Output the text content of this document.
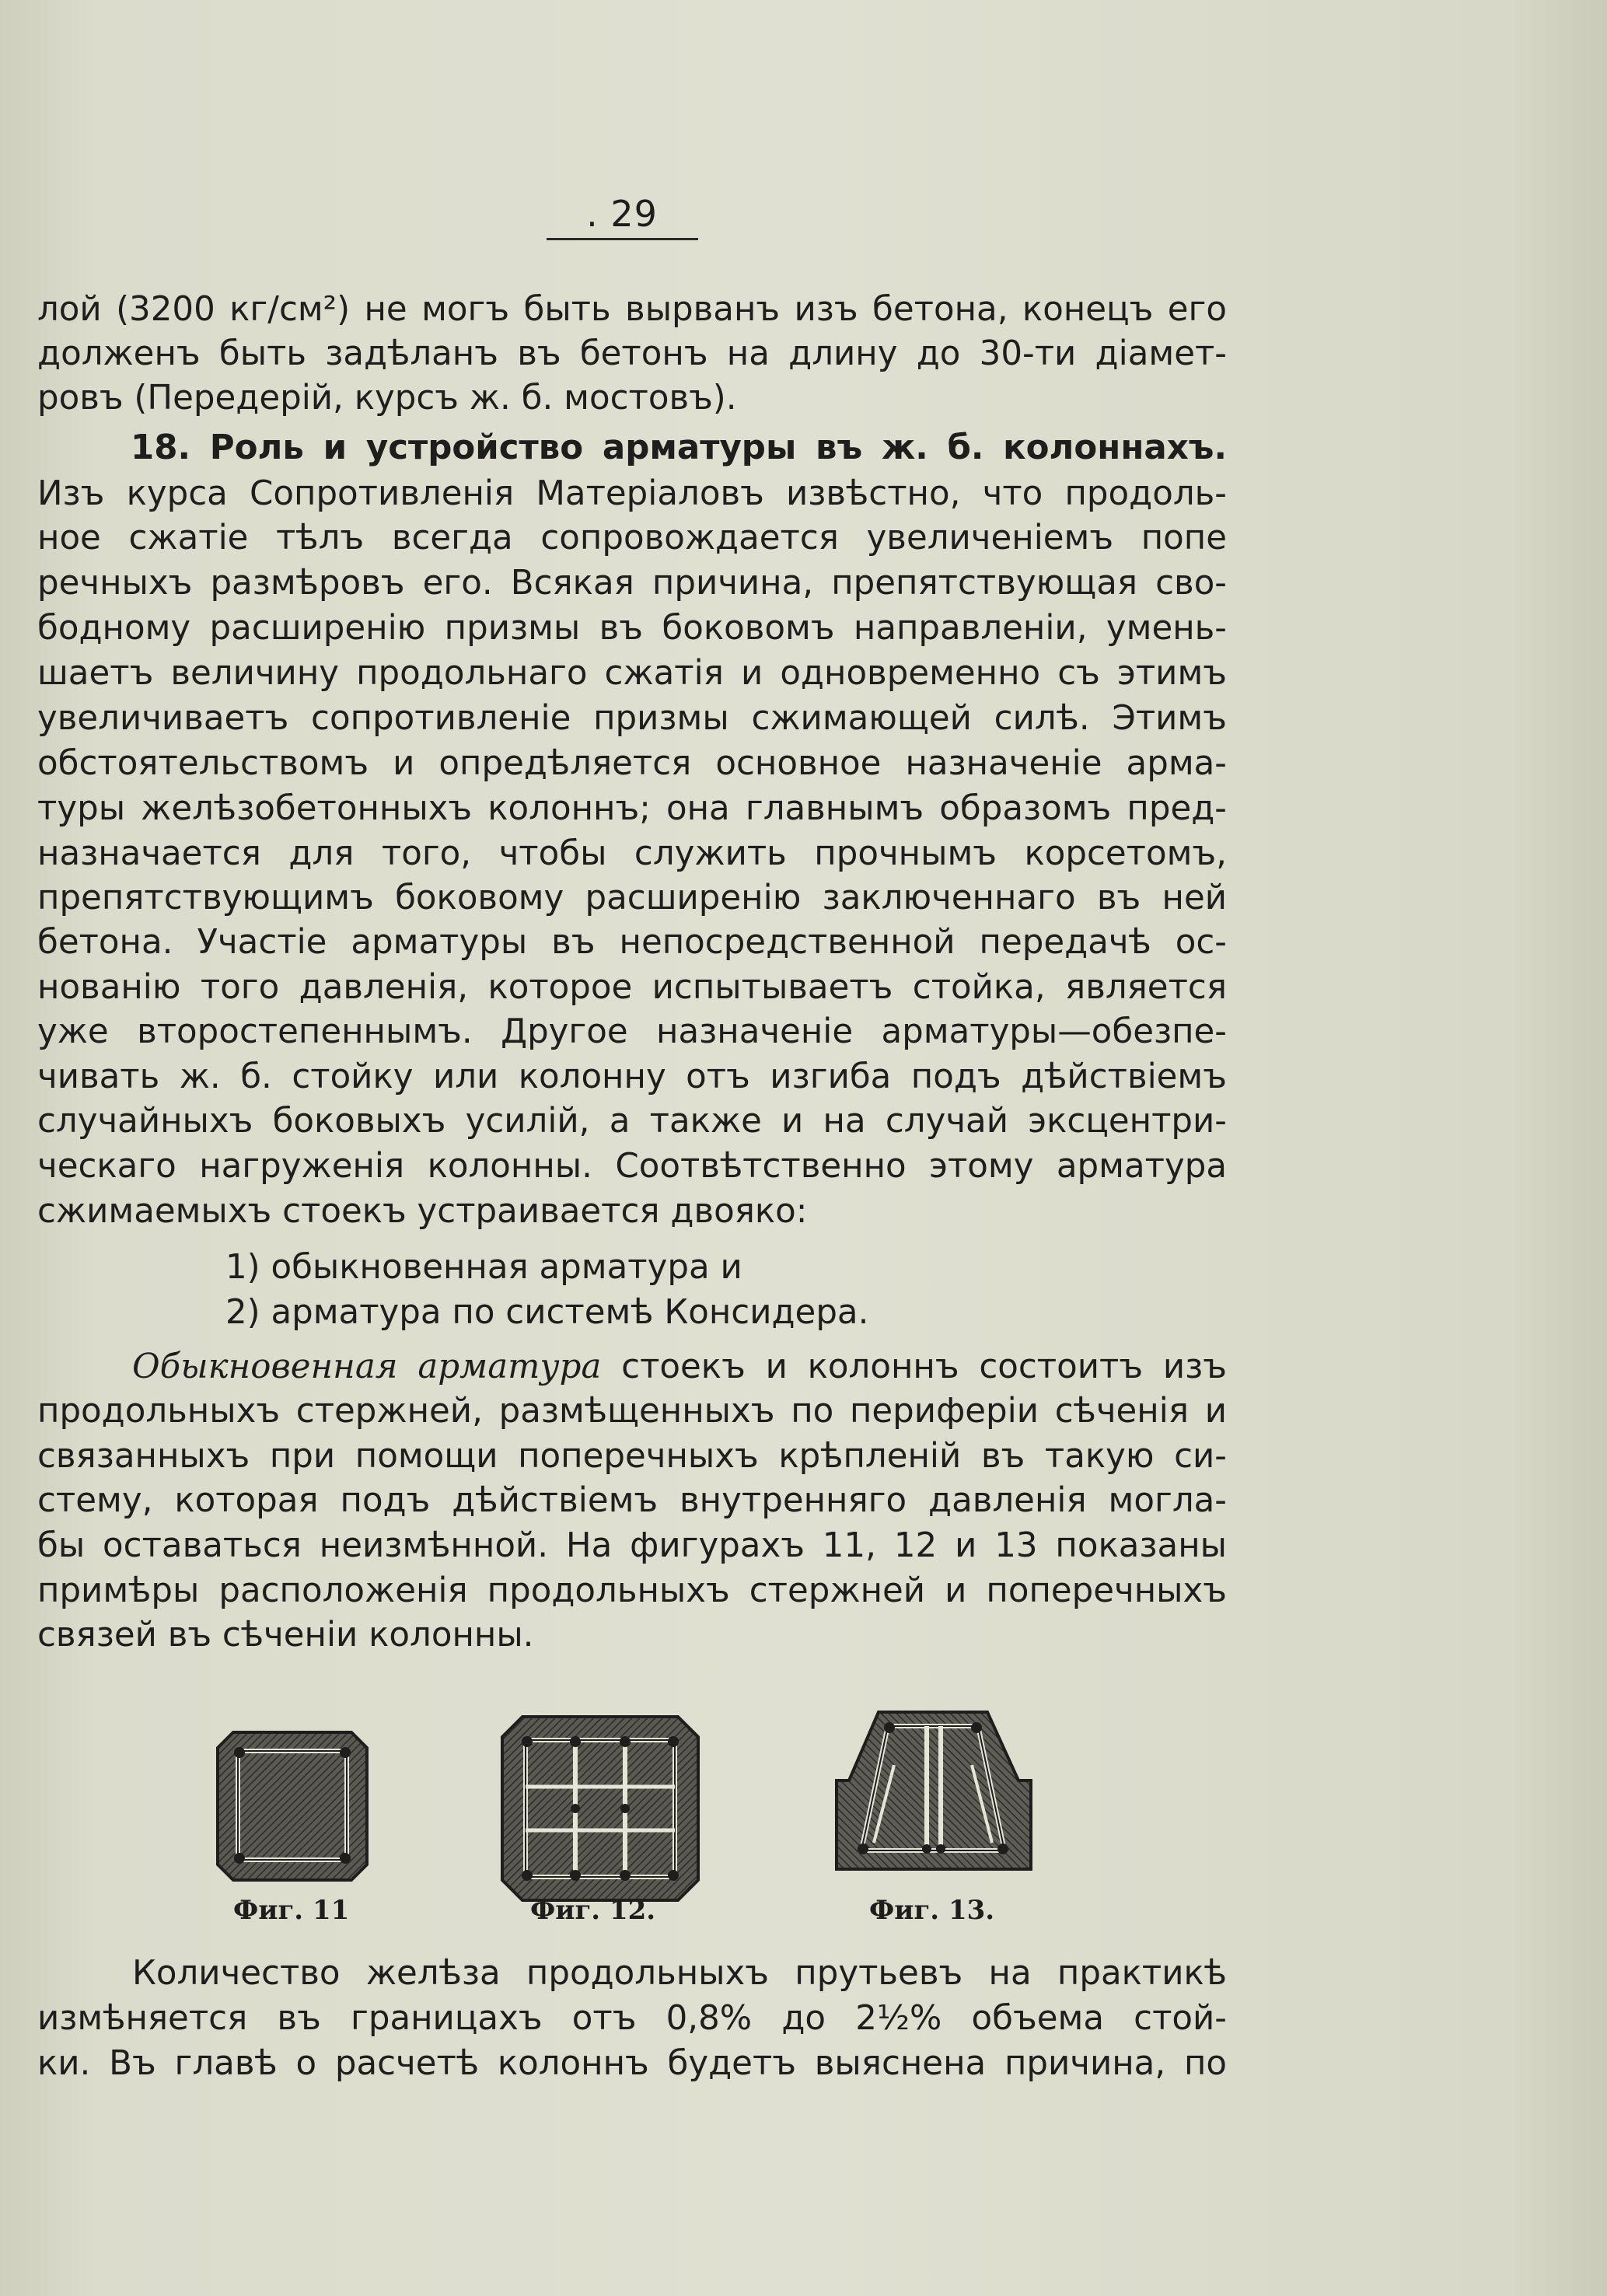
. 29
лой (3200 кг/см²) не могъ быть вырванъ изъ бетона, конецъ его
долженъ быть задѣланъ въ бетонъ на длину до 30-ти діамет-
ровъ (Передерій, курсъ ж. б. мостовъ).
18. Роль и устройство арматуры въ ж. б. колоннахъ.
Изъ курса Сопротивленія Матеріаловъ извѣстно, что продоль-
ное сжатіе тѣлъ всегда сопровождается увеличеніемъ попе
речныхъ размѣровъ его. Всякая причина, препятствующая сво-
бодному расширенію призмы въ боковомъ направленіи, умень-
шаетъ величину продольнаго сжатія и одновременно съ этимъ
увеличиваетъ сопротивленіе призмы сжимающей силѣ. Этимъ
обстоятельствомъ и опредѣляется основное назначеніе арма-
туры желѣзобетонныхъ колоннъ; она главнымъ образомъ пред-
назначается для того, чтобы служить прочнымъ корсетомъ,
препятствующимъ боковому расширенію заключеннаго въ ней
бетона. Участіе арматуры въ непосредственной передачѣ ос-
нованію того давленія, которое испытываетъ стойка, является
уже второстепеннымъ. Другое назначеніе арматуры—обезпе-
чивать ж. б. стойку или колонну отъ изгиба подъ дѣйствіемъ
случайныхъ боковыхъ усилій, а также и на случай эксцентри-
ческаго нагруженія колонны. Соотвѣтственно этому арматура
сжимаемыхъ стоекъ устраивается двояко:
1) обыкновенная арматура и
2) арматура по системѣ Консидера.
Обыкновенная арматура стоекъ и колоннъ состоитъ изъ
продольныхъ стержней, размѣщенныхъ по периферіи сѣченія и
связанныхъ при помощи поперечныхъ крѣпленій въ такую си-
стему, которая подъ дѣйствіемъ внутренняго давленія могла-
бы оставаться неизмѣнной. На фигурахъ 11, 12 и 13 показаны
примѣры расположенія продольныхъ стержней и поперечныхъ
связей въ сѣченіи колонны.
Фиг. 11	Фиг. 12.	Фиг. 13.
Количество желѣза продольныхъ прутьевъ на практикѣ
измѣняется въ границахъ отъ 0,8% до 2½% объема стой-
ки. Въ главѣ о расчетѣ колоннъ будетъ выяснена причина, по
